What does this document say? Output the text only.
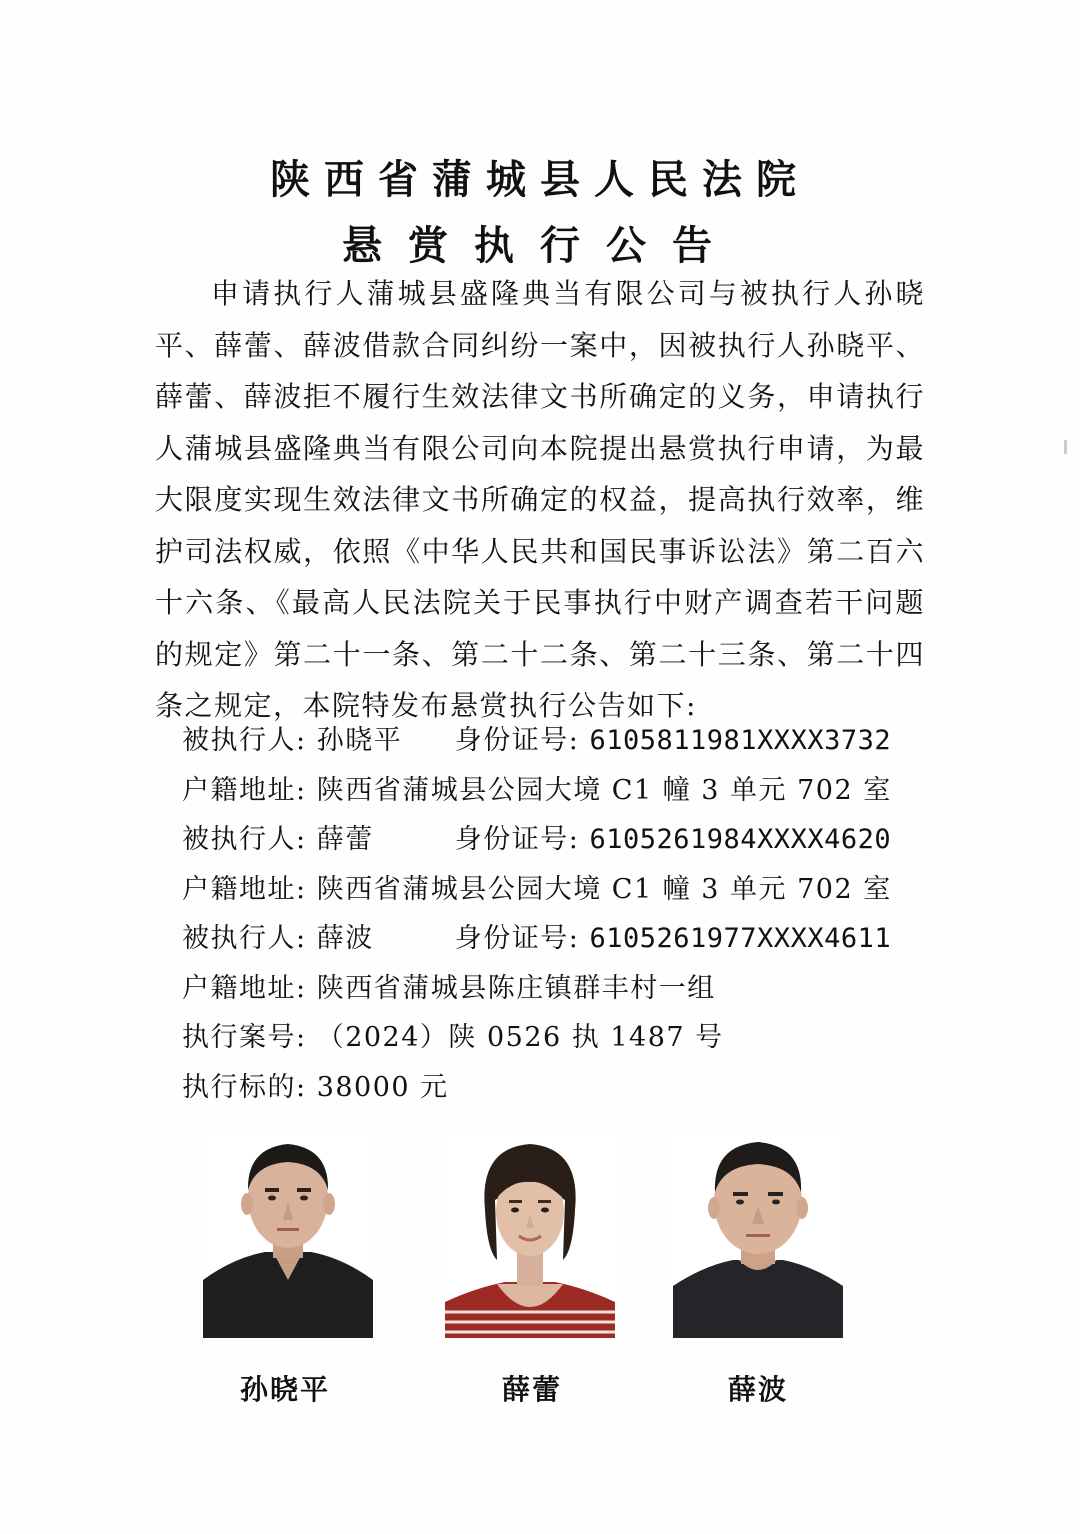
陕西省蒲城县人民法院
悬赏执行公告

申请执行人蒲城县盛隆典当有限公司与被执行人孙晓平、薛蕾、薛波借款合同纠纷一案中，因被执行人孙晓平、薛蕾、薛波拒不履行生效法律文书所确定的义务，申请执行人蒲城县盛隆典当有限公司向本院提出悬赏执行申请，为最大限度实现生效法律文书所确定的权益，提高执行效率，维护司法权威，依照《中华人民共和国民事诉讼法》第二百六十六条、《最高人民法院关于民事执行中财产调查若干问题的规定》第二十一条、第二十二条、第二十三条、第二十四条之规定，本院特发布悬赏执行公告如下:

被执行人: 孙晓平 身份证号: 6105811981XXXX3732
户籍地址: 陕西省蒲城县公园大境 C1 幢 3 单元 702 室
被执行人: 薛蕾	身份证号: 6105261984XXXX4620
户籍地址: 陕西省蒲城县公园大境 C1 幢 3 单元 702 室
被执行人: 薛波	身份证号: 6105261977XXXX4611
户籍地址: 陕西省蒲城县陈庄镇群丰村一组
执行案号: （2024）陕 0526 执 1487 号
执行标的: 38000 元
孙晓平	薛蕾	薛波
